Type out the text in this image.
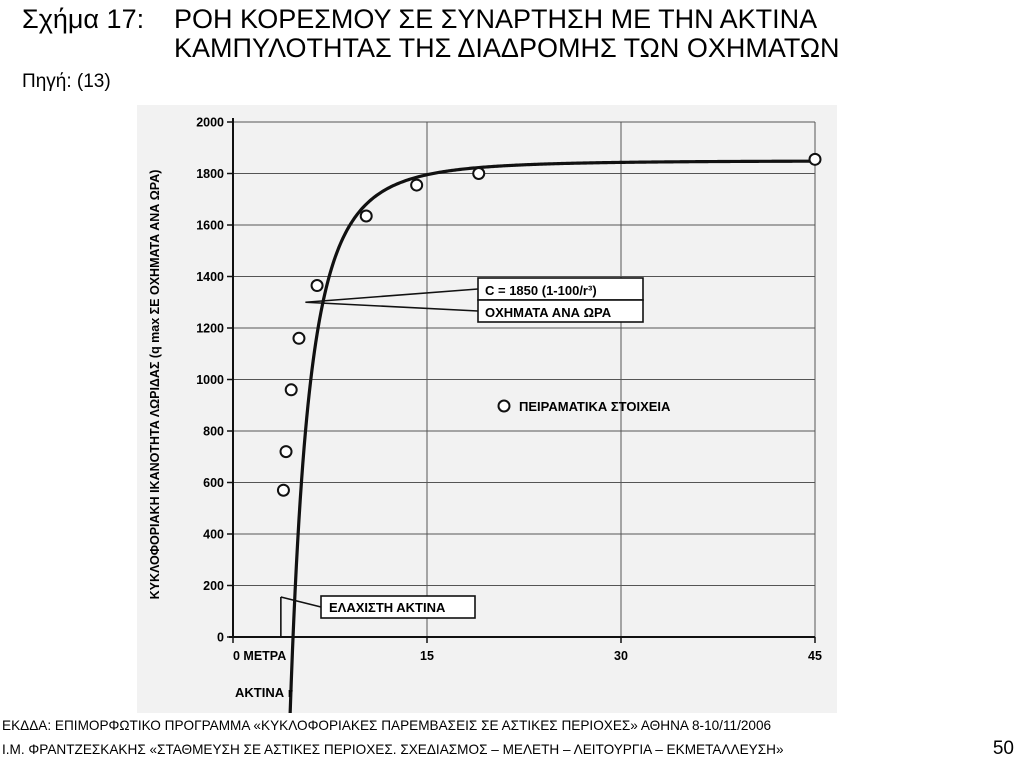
Σχήμα 17: ΡΟΗ ΚΟΡΕΣΜΟΥ ΣΕ ΣΥΝΑΡΤΗΣΗ ΜΕ ΤΗΝ ΑΚΤΙΝΑ
ΚΑΜΠΥΛΟΤΗΤΑΣ ΤΗΣ ΔΙΑΔΡΟΜΗΣ ΤΩΝ ΟΧΗΜΑΤΩΝ
Πηγή: (13)
0
200
400
600
800
1000
1200
1400
1600
1800
2000
0 ΜΕΤΡΑ	15	30	45
C = 1850 (1-100/r³)
ΟΧΗΜΑΤΑ ΑΝΑ ΩΡΑ
ΕΛΑΧΙΣΤΗ ΑΚΤΙΝΑ
ΠΕΙΡΑΜΑΤΙΚΑ ΣΤΟΙΧΕΙΑ
ΚΥΚΛΟΦΟΡΙΑΚΗ ΙΚΑΝΟΤΗΤΑ ΛΩΡΙΔΑΣ (q max ΣΕ ΟΧΗΜΑΤΑ ΑΝΑ ΩΡΑ)
ΑΚΤΙΝΑ r
ΕΚΔΔΑ: ΕΠΙΜΟΡΦΩΤΙΚΟ ΠΡΟΓΡΑΜΜΑ «ΚΥΚΛΟΦΟΡΙΑΚΕΣ ΠΑΡΕΜΒΑΣΕΙΣ ΣΕ ΑΣΤΙΚΕΣ ΠΕΡΙΟΧΕΣ» ΑΘΗΝΑ 8-10/11/2006
Ι.Μ. ΦΡΑΝΤΖΕΣΚΑΚΗΣ «ΣΤΑΘΜΕΥΣΗ ΣΕ ΑΣΤΙΚΕΣ ΠΕΡΙΟΧΕΣ. ΣΧΕΔΙΑΣΜΟΣ – ΜΕΛΕΤΗ – ΛΕΙΤΟΥΡΓΙΑ – ΕΚΜΕΤΑΛΛΕΥΣΗ»	50
